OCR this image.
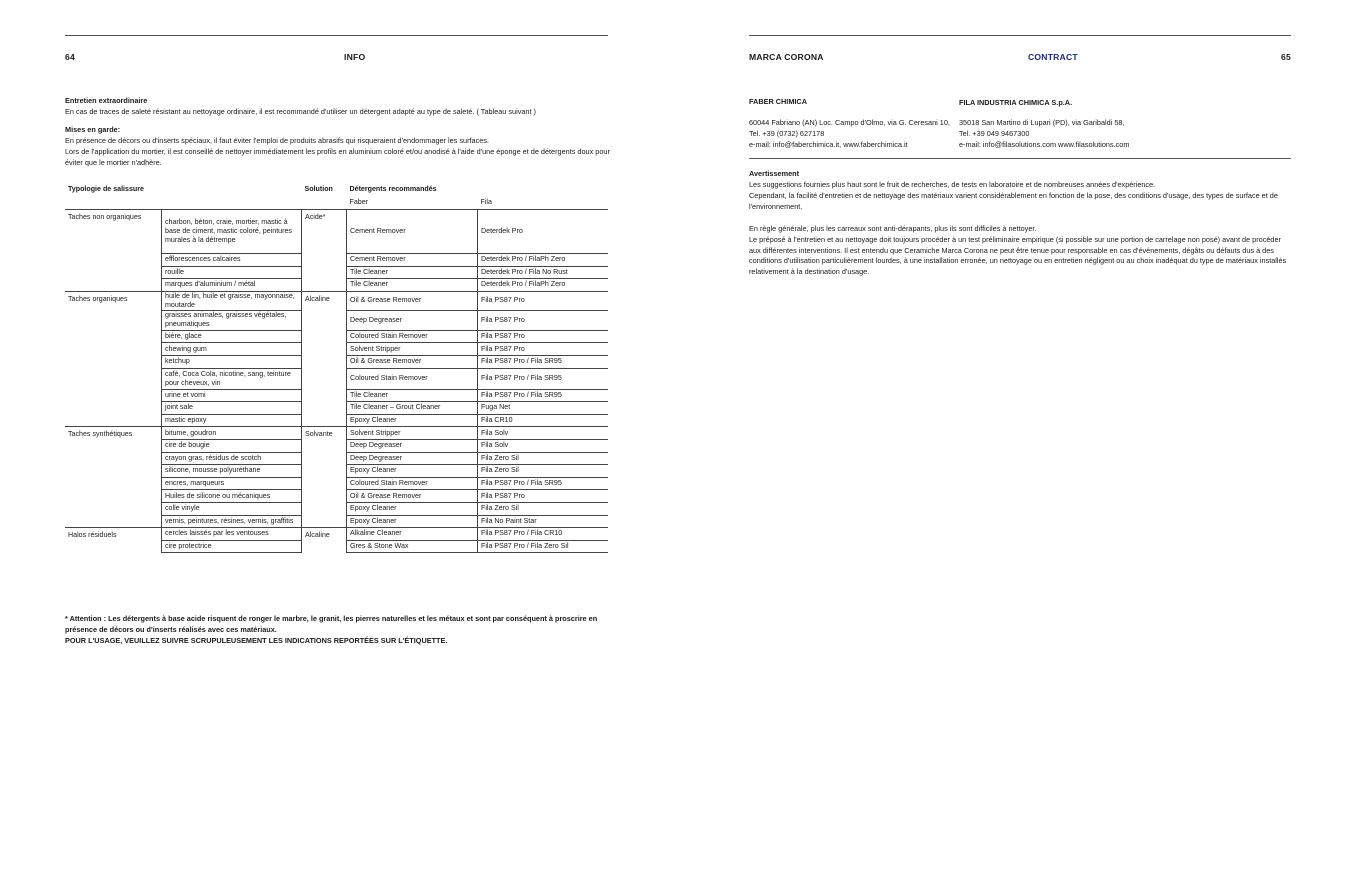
64	INFO
Entretien extraordinaire
En cas de traces de saleté résistant au nettoyage ordinaire, il est recommandé d'utiliser un détergent adapté au type de saleté. ( Tableau suivant )
Mises en garde:
En présence de décors ou d'inserts spéciaux, il faut éviter l'emploi de produits abrasifs qui risqueraient d'endommager les surfaces.
Lors de l'application du mortier, il est conseillé de nettoyer immédiatement les profils en aluminium coloré et/ou anodisé à l'aide d'une éponge et de détergents doux pour éviter que le mortier n'adhère.
Typologie de salissure		Solution	Détergents recommandés	
			Faber	Fila
Taches non organiques	charbon, béton, craie, mortier, mastic à base de ciment, mastic coloré, peintures murales à la détrempe	Acide*	Cement Remover	Deterdek Pro
	efflorescences calcaires		Cement Remover	Deterdek Pro / FilaPh Zero
	rouille		Tile Cleaner	Deterdek Pro / Fila No Rust
	marques d'aluminium / métal		Tile Cleaner	Deterdek Pro / FilaPh Zero
Taches organiques	huile de lin, huile et graisse, mayonnaise, moutarde	Alcaline	Oil & Grease Remover	Fila PS87 Pro
	graisses animales, graisses végétales, pneumatiques		Deep Degreaser	Fila PS87 Pro
	bière, glace		Coloured Stain Remover	Fila PS87 Pro
	chewing gum		Solvent Stripper	Fila PS87 Pro
	ketchup		Oil & Grease Remover	Fila PS87 Pro / Fila SR95
	café, Coca Cola, nicotine, sang, teinture pour cheveux, vin		Coloured Stain Remover	Fila PS87 Pro / Fila SR95
	urine et vomi		Tile Cleaner	Fila PS87 Pro / Fila SR95
	joint sale		Tile Cleaner – Grout Cleaner	Fuga Net
	mastic epoxy		Epoxy Cleaner	Fila CR10
Taches synthétiques	bitume, goudron	Solvante	Solvent Stripper	Fila Solv
	cire de bougie		Deep Degreaser	Fila Solv
	crayon gras, résidus de scotch		Deep Degreaser	Fila Zero Sil
	silicone, mousse polyuréthane		Epoxy Cleaner	Fila Zero Sil
	encres, marqueurs		Coloured Stain Remover	Fila PS87 Pro / Fila SR95
	Huiles de silicone ou mécaniques		Oil & Grease Remover	Fila PS87 Pro
	colle vinyle		Epoxy Cleaner	Fila Zero Sil
	vernis, peintures, résines, vernis, graffitis		Epoxy Cleaner	Fila No Paint Star
Halos résiduels	cercles laissés par les ventouses	Alcaline	Alkaline Cleaner	Fila PS87 Pro / Fila CR10
	cire protectrice		Gres & Stone Wax	Fila PS87 Pro / Fila Zero Sil
* Attention : Les détergents à base acide risquent de ronger le marbre, le granit, les pierres naturelles et les métaux et sont par conséquent à proscrire en
présence de décors ou d'inserts réalisés avec ces matériaux.
POUR L'USAGE, VEUILLEZ SUIVRE SCRUPULEUSEMENT LES INDICATIONS REPORTÉES SUR L'ÉTIQUETTE.
MARCA CORONA	CONTRACT	65
FABER CHIMICA
60044 Fabriano (AN) Loc. Campo d'Olmo, via G. Ceresani 10,
Tel. +39 (0732) 627178
e-mail: info@faberchimica.it, www.faberchimica.it
FILA INDUSTRIA CHIMICA S.p.A.
35018 San Martino di Lupari (PD), via Garibaldi 58,
Tel. +39 049 9467300
e-mail: info@filasolutions.com www.filasolutions.com
Avertissement
Les suggestions fournies plus haut sont le fruit de recherches, de tests en laboratoire et de nombreuses années d'expérience.
Cependant, la facilité d'entretien et de nettoyage des matériaux varient considérablement en fonction de la pose, des conditions d'usage, des types de surface et de l'environnement.
En règle générale, plus les carreaux sont anti-dérapants, plus ils sont difficiles à nettoyer.
Le préposé à l'entretien et au nettoyage doit toujours procéder à un test préliminaire empirique (si possible sur une portion de carrelage non posé) avant de procéder aux différentes interventions. Il est entendu que Ceramiche Marca Corona ne peut être tenue pour responsable en cas d'événements, dégâts ou défauts dus à des conditions d'utilisation particulièrement lourdes, à une installation erronée, un nettoyage ou en entretien négligent ou au choix inadéquat du type de matériaux installés relativement à la destination d'usage.
